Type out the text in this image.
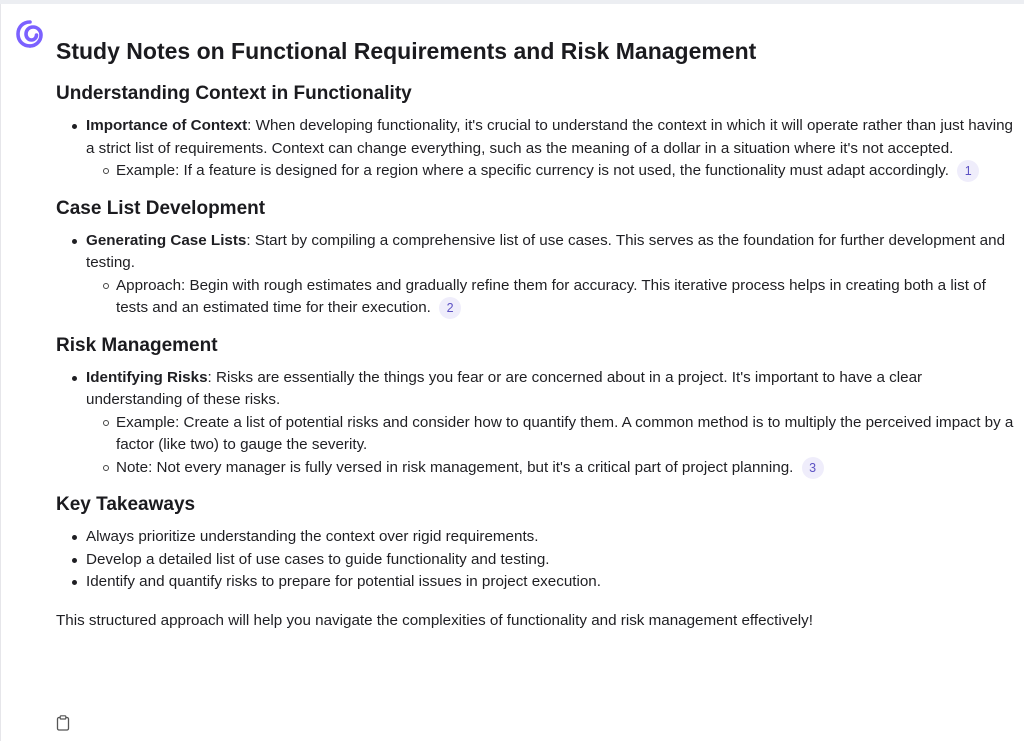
Study Notes on Functional Requirements and Risk Management
Understanding Context in Functionality
Importance of Context: When developing functionality, it's crucial to understand the context in which it will operate rather than just having a strict list of requirements. Context can change everything, such as the meaning of a dollar in a situation where it's not accepted.
Example: If a feature is designed for a region where a specific currency is not used, the functionality must adapt accordingly. 1
Case List Development
Generating Case Lists: Start by compiling a comprehensive list of use cases. This serves as the foundation for further development and testing.
Approach: Begin with rough estimates and gradually refine them for accuracy. This iterative process helps in creating both a list of tests and an estimated time for their execution. 2
Risk Management
Identifying Risks: Risks are essentially the things you fear or are concerned about in a project. It's important to have a clear understanding of these risks.
Example: Create a list of potential risks and consider how to quantify them. A common method is to multiply the perceived impact by a factor (like two) to gauge the severity.
Note: Not every manager is fully versed in risk management, but it's a critical part of project planning. 3
Key Takeaways
Always prioritize understanding the context over rigid requirements.
Develop a detailed list of use cases to guide functionality and testing.
Identify and quantify risks to prepare for potential issues in project execution.

This structured approach will help you navigate the complexities of functionality and risk management effectively!
